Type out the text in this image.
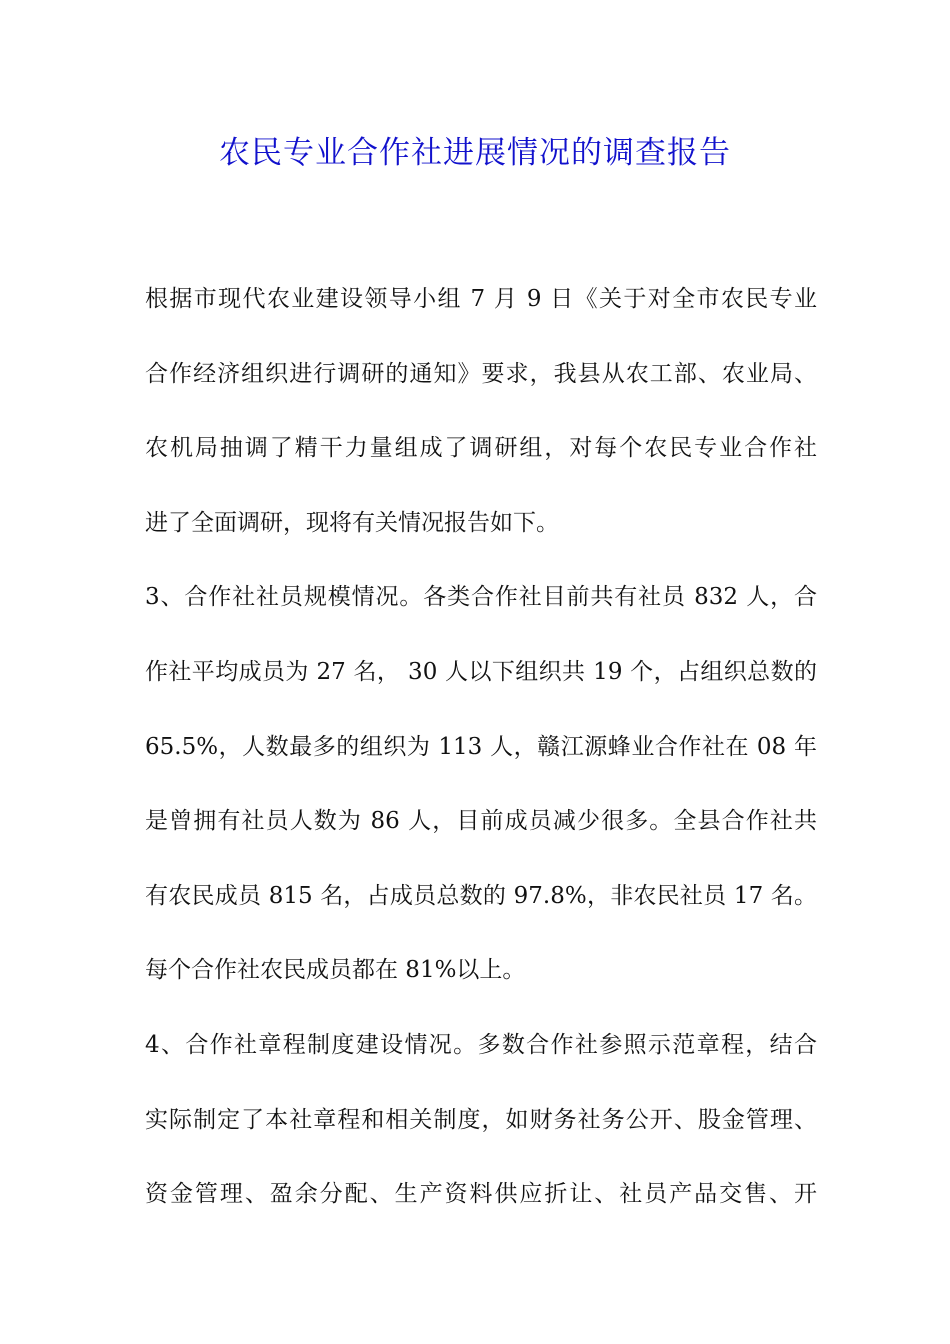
农民专业合作社进展情况的调查报告
根据市现代农业建设领导小组 7 月 9 日《关于对全市农民专业
合作经济组织进行调研的通知》要求，我县从农工部、农业局、
农机局抽调了精干力量组成了调研组，对每个农民专业合作社
进了全面调研，现将有关情况报告如下。
3、合作社社员规模情况。各类合作社目前共有社员 832 人，合
作社平均成员为 27 名， 30 人以下组织共 19 个，占组织总数的
65.5%，人数最多的组织为 113 人，赣江源蜂业合作社在 08 年
是曾拥有社员人数为 86 人，目前成员减少很多。全县合作社共
有农民成员 815 名，占成员总数的 97.8%，非农民社员 17 名。
每个合作社农民成员都在 81%以上。
4、合作社章程制度建设情况。多数合作社参照示范章程，结合
实际制定了本社章程和相关制度，如财务社务公开、股金管理、
资金管理、盈余分配、生产资料供应折让、社员产品交售、开
